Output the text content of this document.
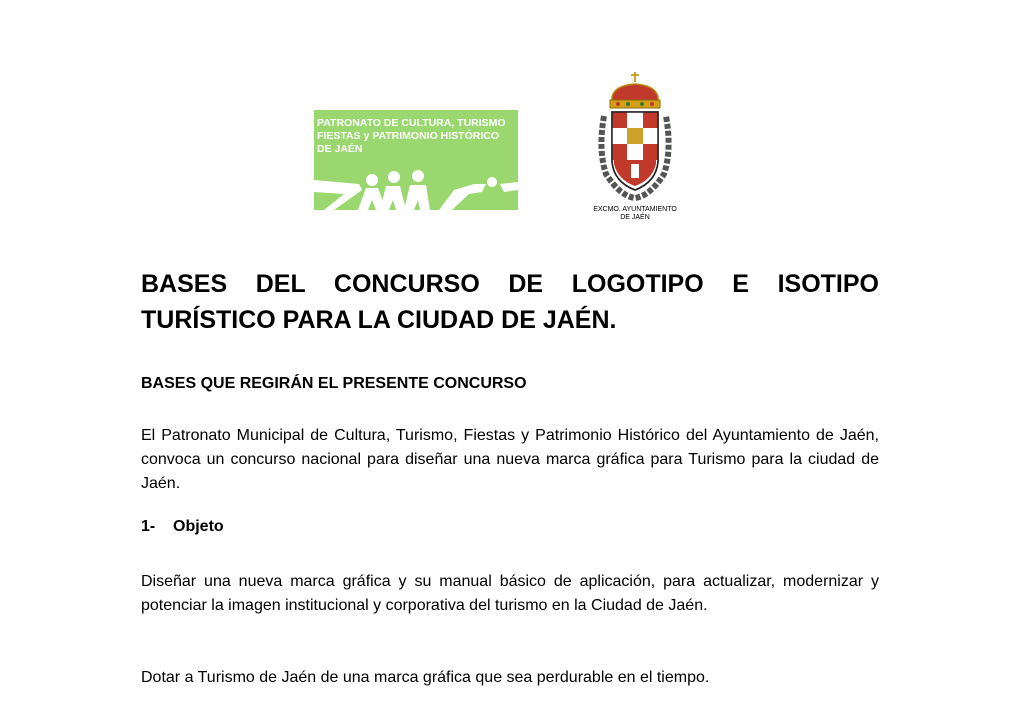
PATRONATO DE CULTURA, TURISMO
FIESTAS y PATRIMONIO HISTÓRICO
DE JAÉN
EXCMO. AYUNTAMIENTO
DE JAÉN
BASES DEL CONCURSO DE LOGOTIPO E ISOTIPO TURÍSTICO PARA LA CIUDAD DE JAÉN.
BASES QUE REGIRÁN EL PRESENTE CONCURSO
El Patronato Municipal de Cultura, Turismo, Fiestas y Patrimonio Histórico del Ayuntamiento de Jaén, convoca un concurso nacional para diseñar una nueva marca gráfica para Turismo para la ciudad de Jaén.
1- Objeto
Diseñar una nueva marca gráfica y su manual básico de aplicación, para actualizar, modernizar y potenciar la imagen institucional y corporativa del turismo en la Ciudad de Jaén.
Dotar a Turismo de Jaén de una marca gráfica que sea perdurable en el tiempo.
